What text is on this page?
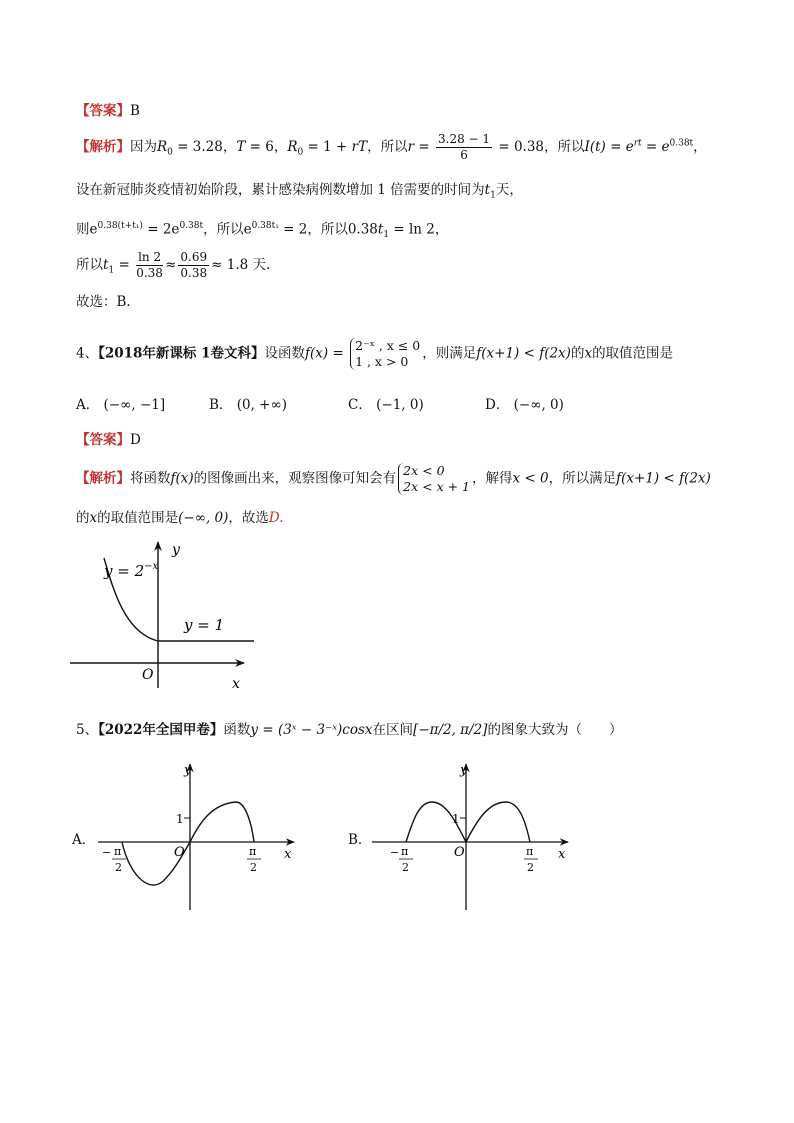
【答案】B
【解析】因为$R_0 = 3.28$，T = 6，$R_0 = 1$ + rT，所以$r = \frac{3.28 - 1}{6} = 0.38$，所以$I(t) = e^{rt} = e^{0.38t}$，
设在新冠肺炎疫情初始阶段，累计感染病例数增加 1 倍需要的时间为$t_1$天，
则$e^{0.38(t+t_1)} = 2e^{0.38t}$，所以$e^{0.38t_1} = 2$，所以$0.38t_1 = \ln 2$，
所以$t_1 = \frac{\ln 2}{0.38} \approx \frac{0.69}{0.38} \approx 1.8$ 天.
故选：B.
4、【2018年新课标 1卷文科】设函数f(x) = 2⁻ˣ , x ≤ 0
1 , x > 0	，则满足f(x+1) < f(2x)的x的取值范围是
A． (−∞, −1]	B． (0, +∞)	C． (−1, 0)	D． (−∞, 0)
【答案】D
【解析】将函数f(x)的图像画出来，观察图像可知会有 2x < 0
2x < x + 1 ，解得x < 0，所以满足f(x+1) < f(2x)
的x的取值范围是(−∞, 0)，故选D.
$y = 2^{-x}$
y = 1
y
x
O
5、【2022年全国甲卷】函数y = (3ˣ − 3⁻ˣ)cosx在区间[−π/2, π/2]的图象大致为（　　）
A．
y
x
O
1
− π
2
π
2
B．
y
x
O
1
− π
2
π
2
